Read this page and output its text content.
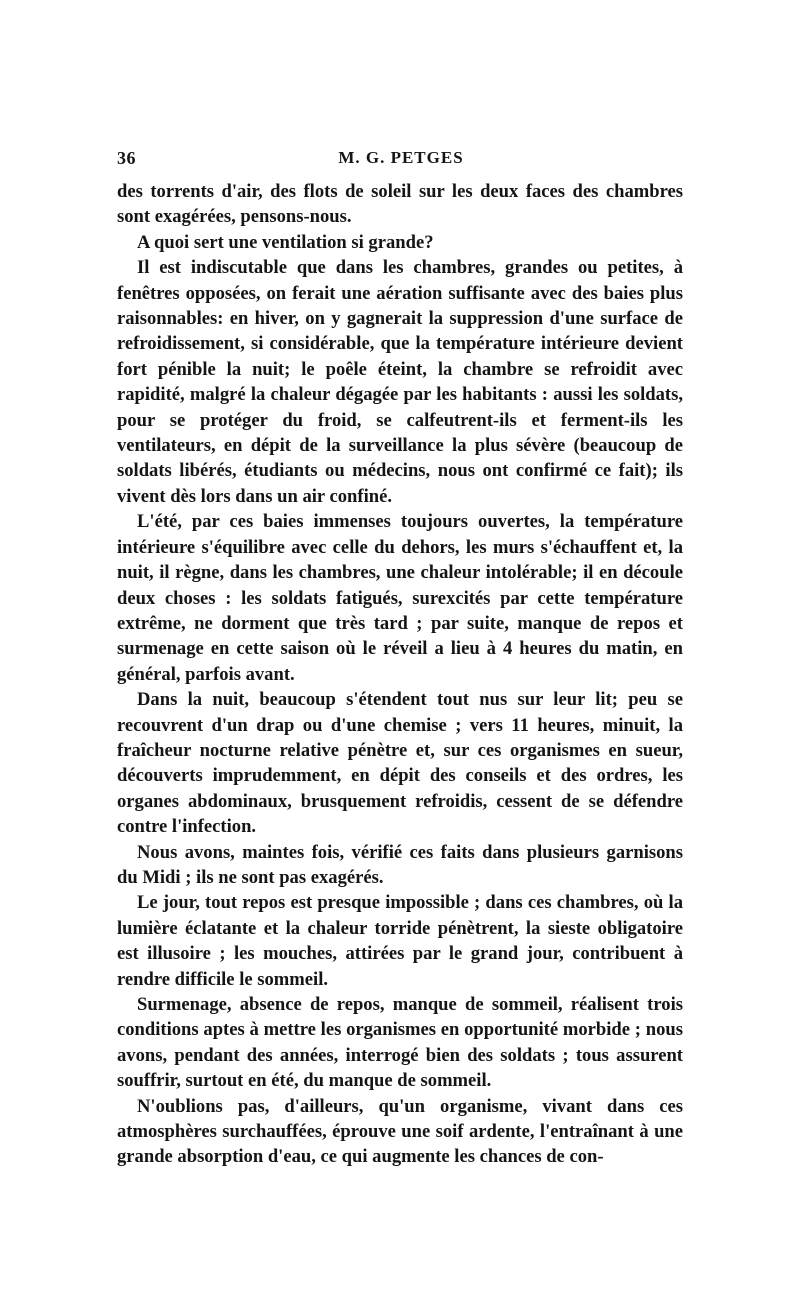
36	M. G. PETGES

des torrents d'air, des flots de soleil sur les deux faces des chambres sont exagérées, pensons-nous.

A quoi sert une ventilation si grande?

Il est indiscutable que dans les chambres, grandes ou petites, à fenêtres opposées, on ferait une aération suffisante avec des baies plus raisonnables: en hiver, on y gagnerait la suppression d'une surface de refroidissement, si considérable, que la température intérieure devient fort pénible la nuit; le poêle éteint, la chambre se refroidit avec rapidité, malgré la chaleur dégagée par les habitants : aussi les soldats, pour se protéger du froid, se calfeutrent-ils et ferment-ils les ventilateurs, en dépit de la surveillance la plus sévère (beaucoup de soldats libérés, étudiants ou médecins, nous ont confirmé ce fait); ils vivent dès lors dans un air confiné.

L'été, par ces baies immenses toujours ouvertes, la température intérieure s'équilibre avec celle du dehors, les murs s'échauffent et, la nuit, il règne, dans les chambres, une chaleur intolérable; il en découle deux choses : les soldats fatigués, surexcités par cette température extrême, ne dorment que très tard ; par suite, manque de repos et surmenage en cette saison où le réveil a lieu à 4 heures du matin, en général, parfois avant.

Dans la nuit, beaucoup s'étendent tout nus sur leur lit; peu se recouvrent d'un drap ou d'une chemise ; vers 11 heures, minuit, la fraîcheur nocturne relative pénètre et, sur ces organismes en sueur, découverts imprudemment, en dépit des conseils et des ordres, les organes abdominaux, brusquement refroidis, cessent de se défendre contre l'infection.

Nous avons, maintes fois, vérifié ces faits dans plusieurs garnisons du Midi ; ils ne sont pas exagérés.

Le jour, tout repos est presque impossible ; dans ces chambres, où la lumière éclatante et la chaleur torride pénètrent, la sieste obligatoire est illusoire ; les mouches, attirées par le grand jour, contribuent à rendre difficile le sommeil.

Surmenage, absence de repos, manque de sommeil, réalisent trois conditions aptes à mettre les organismes en opportunité morbide ; nous avons, pendant des années, interrogé bien des soldats ; tous assurent souffrir, surtout en été, du manque de sommeil.

N'oublions pas, d'ailleurs, qu'un organisme, vivant dans ces atmosphères surchauffées, éprouve une soif ardente, l'entraînant à une grande absorption d'eau, ce qui augmente les chances de con-
